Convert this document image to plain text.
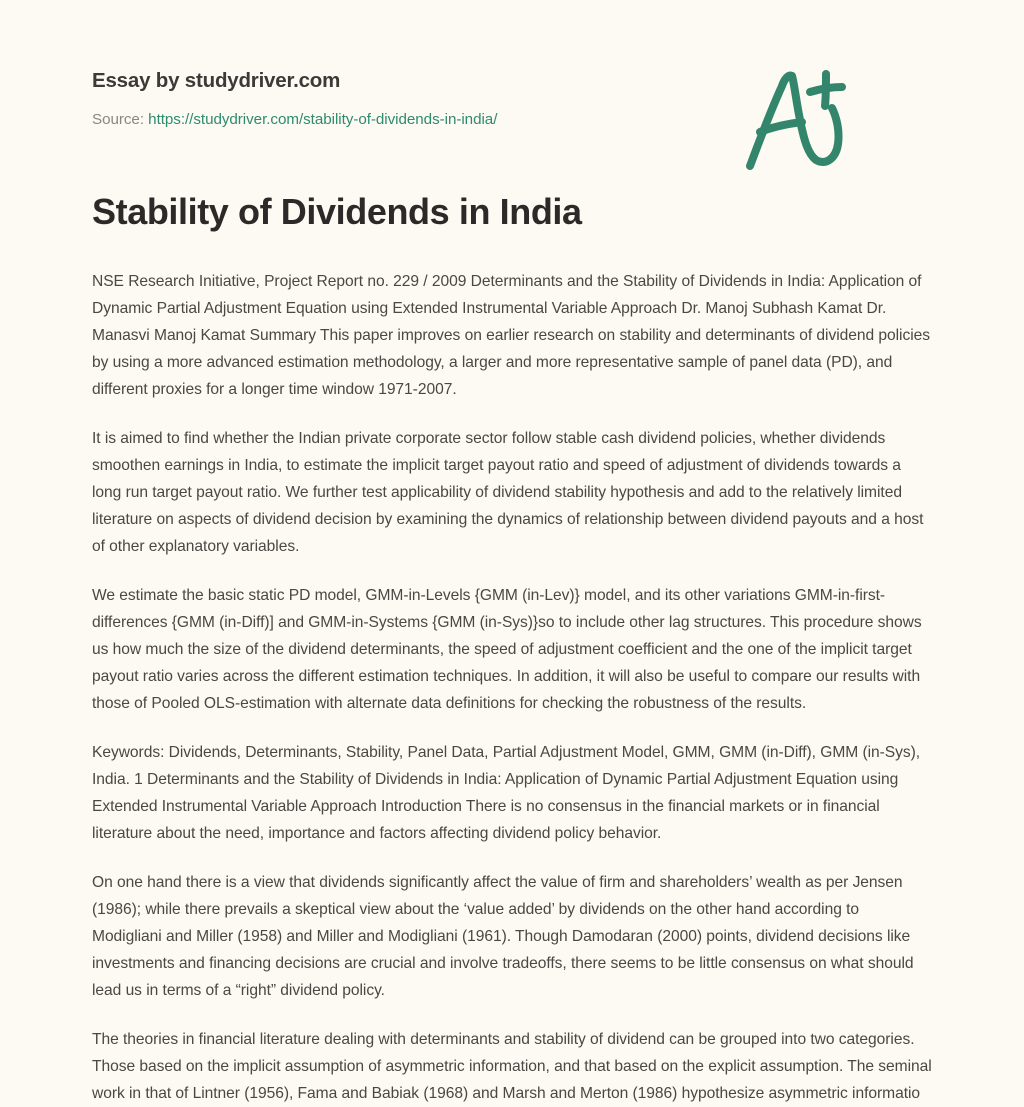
Essay by studydriver.com
Source: https://studydriver.com/stability-of-dividends-in-india/
Stability of Dividends in India

NSE Research Initiative, Project Report no. 229 / 2009 Determinants and the Stability of Dividends in India: Application of Dynamic Partial Adjustment Equation using Extended Instrumental Variable Approach Dr. Manoj Subhash Kamat Dr. Manasvi Manoj Kamat Summary This paper improves on earlier research on stability and determinants of dividend policies by using a more advanced estimation methodology, a larger and more representative sample of panel data (PD), and different proxies for a longer time window 1971-2007.

It is aimed to find whether the Indian private corporate sector follow stable cash dividend policies, whether dividends smoothen earnings in India, to estimate the implicit target payout ratio and speed of adjustment of dividends towards a long run target payout ratio. We further test applicability of dividend stability hypothesis and add to the relatively limited literature on aspects of dividend decision by examining the dynamics of relationship between dividend payouts and a host of other explanatory variables.

We estimate the basic static PD model, GMM-in-Levels {GMM (in-Lev)} model, and its other variations GMM-in-first-differences {GMM (in-Diff)] and GMM-in-Systems {GMM (in-Sys)}so to include other lag structures. This procedure shows us how much the size of the dividend determinants, the speed of adjustment coefficient and the one of the implicit target payout ratio varies across the different estimation techniques. In addition, it will also be useful to compare our results with those of Pooled OLS-estimation with alternate data definitions for checking the robustness of the results.

Keywords: Dividends, Determinants, Stability, Panel Data, Partial Adjustment Model, GMM, GMM (in-Diff), GMM (in-Sys), India. 1 Determinants and the Stability of Dividends in India: Application of Dynamic Partial Adjustment Equation using Extended Instrumental Variable Approach Introduction There is no consensus in the financial markets or in financial literature about the need, importance and factors affecting dividend policy behavior.

On one hand there is a view that dividends significantly affect the value of firm and shareholders’ wealth as per Jensen (1986); while there prevails a skeptical view about the ‘value added’ by dividends on the other hand according to Modigliani and Miller (1958) and Miller and Modigliani (1961). Though Damodaran (2000) points, dividend decisions like investments and financing decisions are crucial and involve tradeoffs, there seems to be little consensus on what should lead us in terms of a “right” dividend policy.

The theories in financial literature dealing with determinants and stability of dividend can be grouped into two categories. Those based on the implicit assumption of asymmetric information, and that based on the explicit assumption. The seminal work in that of Lintner (1956), Fama and Babiak (1968) and Marsh and Merton (1986) hypothesize asymmetric informatio
